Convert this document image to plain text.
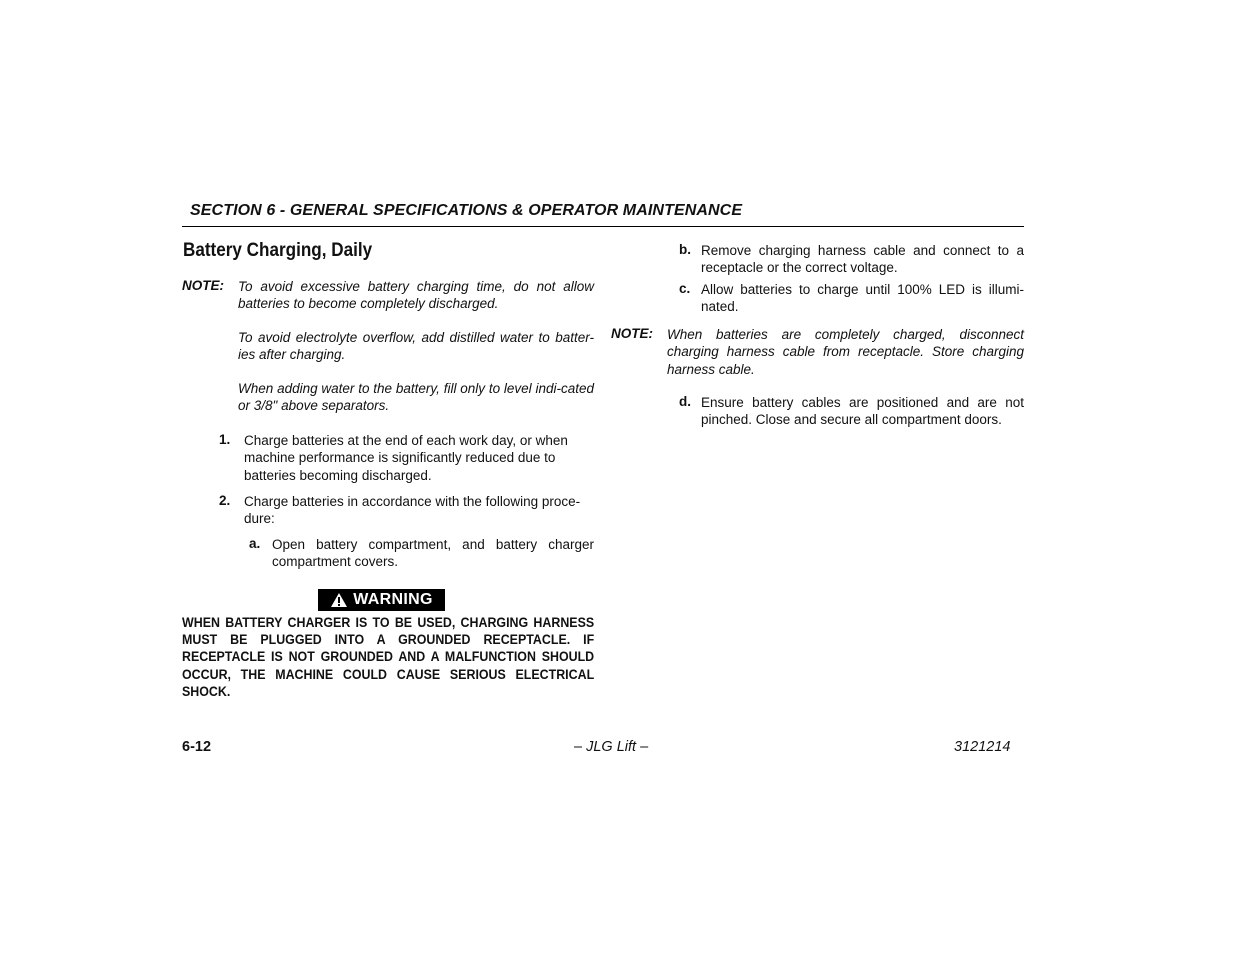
SECTION 6 - GENERAL SPECIFICATIONS & OPERATOR MAINTENANCE
Battery Charging, Daily
NOTE: To avoid excessive battery charging time, do not allow batteries to become completely discharged.
To avoid electrolyte overflow, add distilled water to batter-ies after charging.
When adding water to the battery, fill only to level indi-cated or 3/8" above separators.
1. Charge batteries at the end of each work day, or when machine performance is significantly reduced due to batteries becoming discharged.
2. Charge batteries in accordance with the following proce-dure:
a. Open battery compartment, and battery charger compartment covers.
WARNING
WHEN BATTERY CHARGER IS TO BE USED, CHARGING HARNESS MUST BE PLUGGED INTO A GROUNDED RECEPTACLE. IF RECEPTACLE IS NOT GROUNDED AND A MALFUNCTION SHOULD OCCUR, THE MACHINE COULD CAUSE SERIOUS ELECTRICAL SHOCK.
b. Remove charging harness cable and connect to a receptacle or the correct voltage.
c. Allow batteries to charge until 100% LED is illumi-nated.
NOTE: When batteries are completely charged, disconnect charging harness cable from receptacle. Store charging harness cable.
d. Ensure battery cables are positioned and are not pinched. Close and secure all compartment doors.
6-12	– JLG Lift –	3121214
